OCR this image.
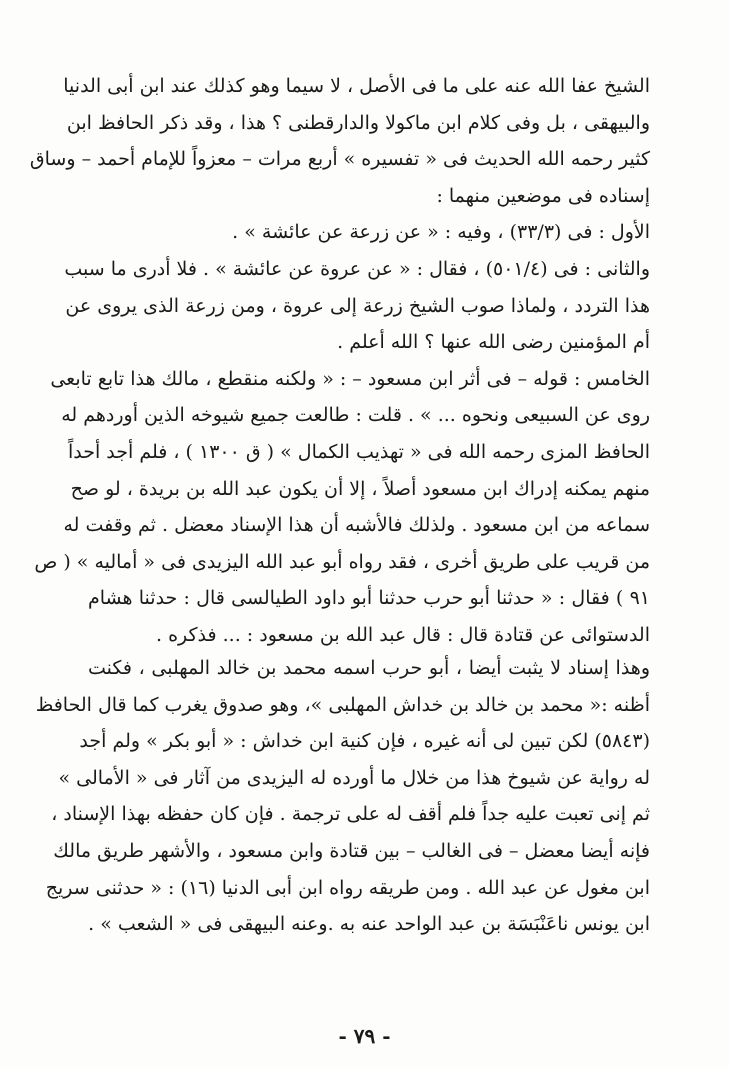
الشيخ عفا الله عنه على ما فى الأصل ، لا سيما وهو كذلك عند ابن أبى الدنيا
والبيهقى ، بل وفى كلام ابن ماكولا والدارقطنى ؟ هذا ، وقد ذكر الحافظ ابن
كثير رحمه الله الحديث فى « تفسيره » أربع مرات – معزواً للإمام أحمد – وساق
إسناده فى موضعين منهما :
الأول : فى (٣٣/٣) ، وفيه : « عن زرعة عن عائشة » .
والثانى : فى (٥٠١/٤) ، فقال : « عن عروة عن عائشة » . فلا أدرى ما سبب
هذا التردد ، ولماذا صوب الشيخ زرعة إلى عروة ، ومن زرعة الذى يروى عن
أم المؤمنين رضى الله عنها ؟ الله أعلم .
الخامس : قوله – فى أثر ابن مسعود – : « ولكنه منقطع ، مالك هذا تابع تابعى
روى عن السبيعى ونحوه ... » . قلت : طالعت جميع شيوخه الذين أوردهم له
الحافظ المزى رحمه الله فى « تهذيب الكمال » ( ق ١٣٠٠ ) ، فلم أجد أحداً
منهم يمكنه إدراك ابن مسعود أصلاً ، إلا أن يكون عبد الله بن بريدة ، لو صح
سماعه من ابن مسعود . ولذلك فالأشبه أن هذا الإسناد معضل . ثم وقفت له
من قريب على طريق أخرى ، فقد رواه أبو عبد الله اليزيدى فى « أماليه » ( ص
٩١ ) فقال : « حدثنا أبو حرب حدثنا أبو داود الطيالسى قال : حدثنا هشام
الدستوائى عن قتادة قال : قال عبد الله بن مسعود : ... فذكره .
وهذا إسناد لا يثبت أيضا ، أبو حرب اسمه محمد بن خالد المهلبى ، فكنت
أظنه :« محمد بن خالد بن خداش المهلبى »، وهو صدوق يغرب كما قال الحافظ
(٥٨٤٣) لكن تبين لى أنه غيره ، فإن كنية ابن خداش : « أبو بكر » ولم أجد
له رواية عن شيوخ هذا من خلال ما أورده له اليزيدى من آثار فى « الأمالى »
ثم إنى تعبت عليه جداً فلم أقف له على ترجمة . فإن كان حفظه بهذا الإسناد ،
فإنه أيضا معضل – فى الغالب – بين قتادة وابن مسعود ، والأشهر طريق مالك
ابن مغول عن عبد الله . ومن طريقه رواه ابن أبى الدنيا (١٦) : « حدثنى سريج
ابن يونس ناعَنْبَسَة بن عبد الواحد عنه به .وعنه البيهقى فى « الشعب » .
- ٧٩ -
